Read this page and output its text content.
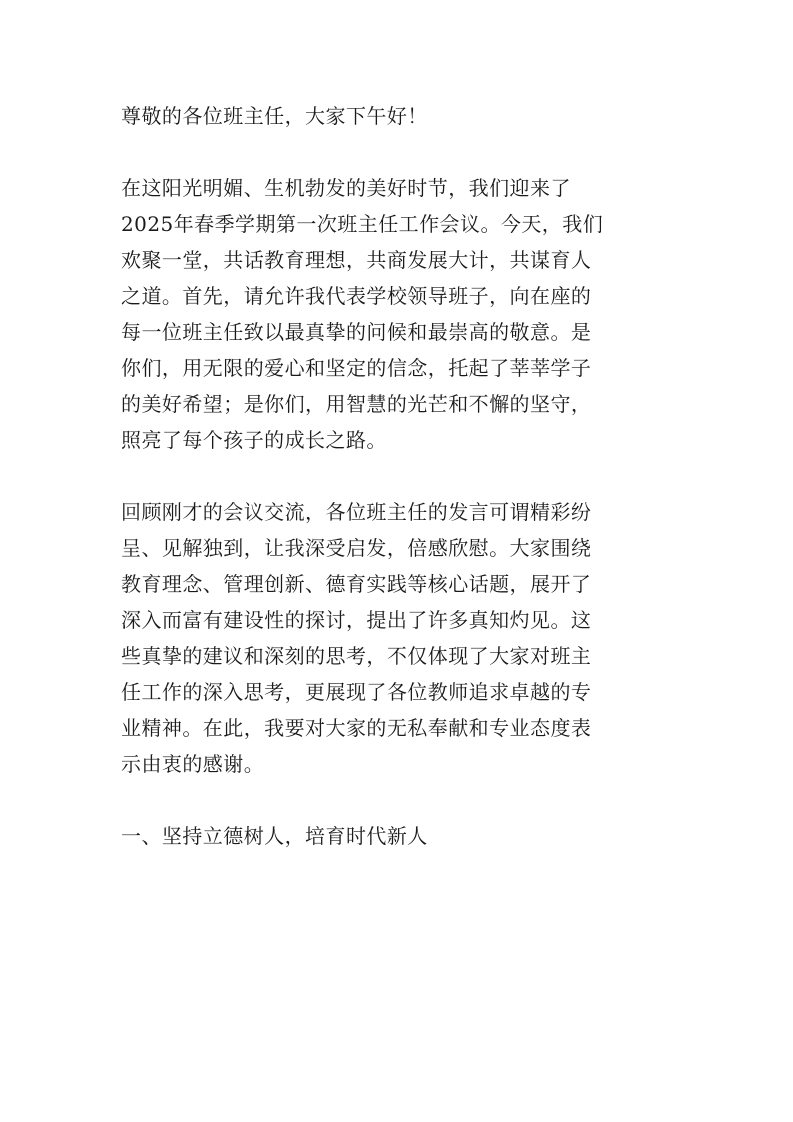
尊敬的各位班主任，大家下午好！
在这阳光明媚、生机勃发的美好时节，我们迎来了
2025年春季学期第一次班主任工作会议。今天，我们
欢聚一堂，共话教育理想，共商发展大计，共谋育人
之道。首先，请允许我代表学校领导班子，向在座的
每一位班主任致以最真挚的问候和最崇高的敬意。是
你们，用无限的爱心和坚定的信念，托起了莘莘学子
的美好希望；是你们，用智慧的光芒和不懈的坚守，
照亮了每个孩子的成长之路。
回顾刚才的会议交流，各位班主任的发言可谓精彩纷
呈、见解独到，让我深受启发，倍感欣慰。大家围绕
教育理念、管理创新、德育实践等核心话题，展开了
深入而富有建设性的探讨，提出了许多真知灼见。这
些真挚的建议和深刻的思考，不仅体现了大家对班主
任工作的深入思考，更展现了各位教师追求卓越的专
业精神。在此，我要对大家的无私奉献和专业态度表
示由衷的感谢。
一、坚持立德树人，培育时代新人
